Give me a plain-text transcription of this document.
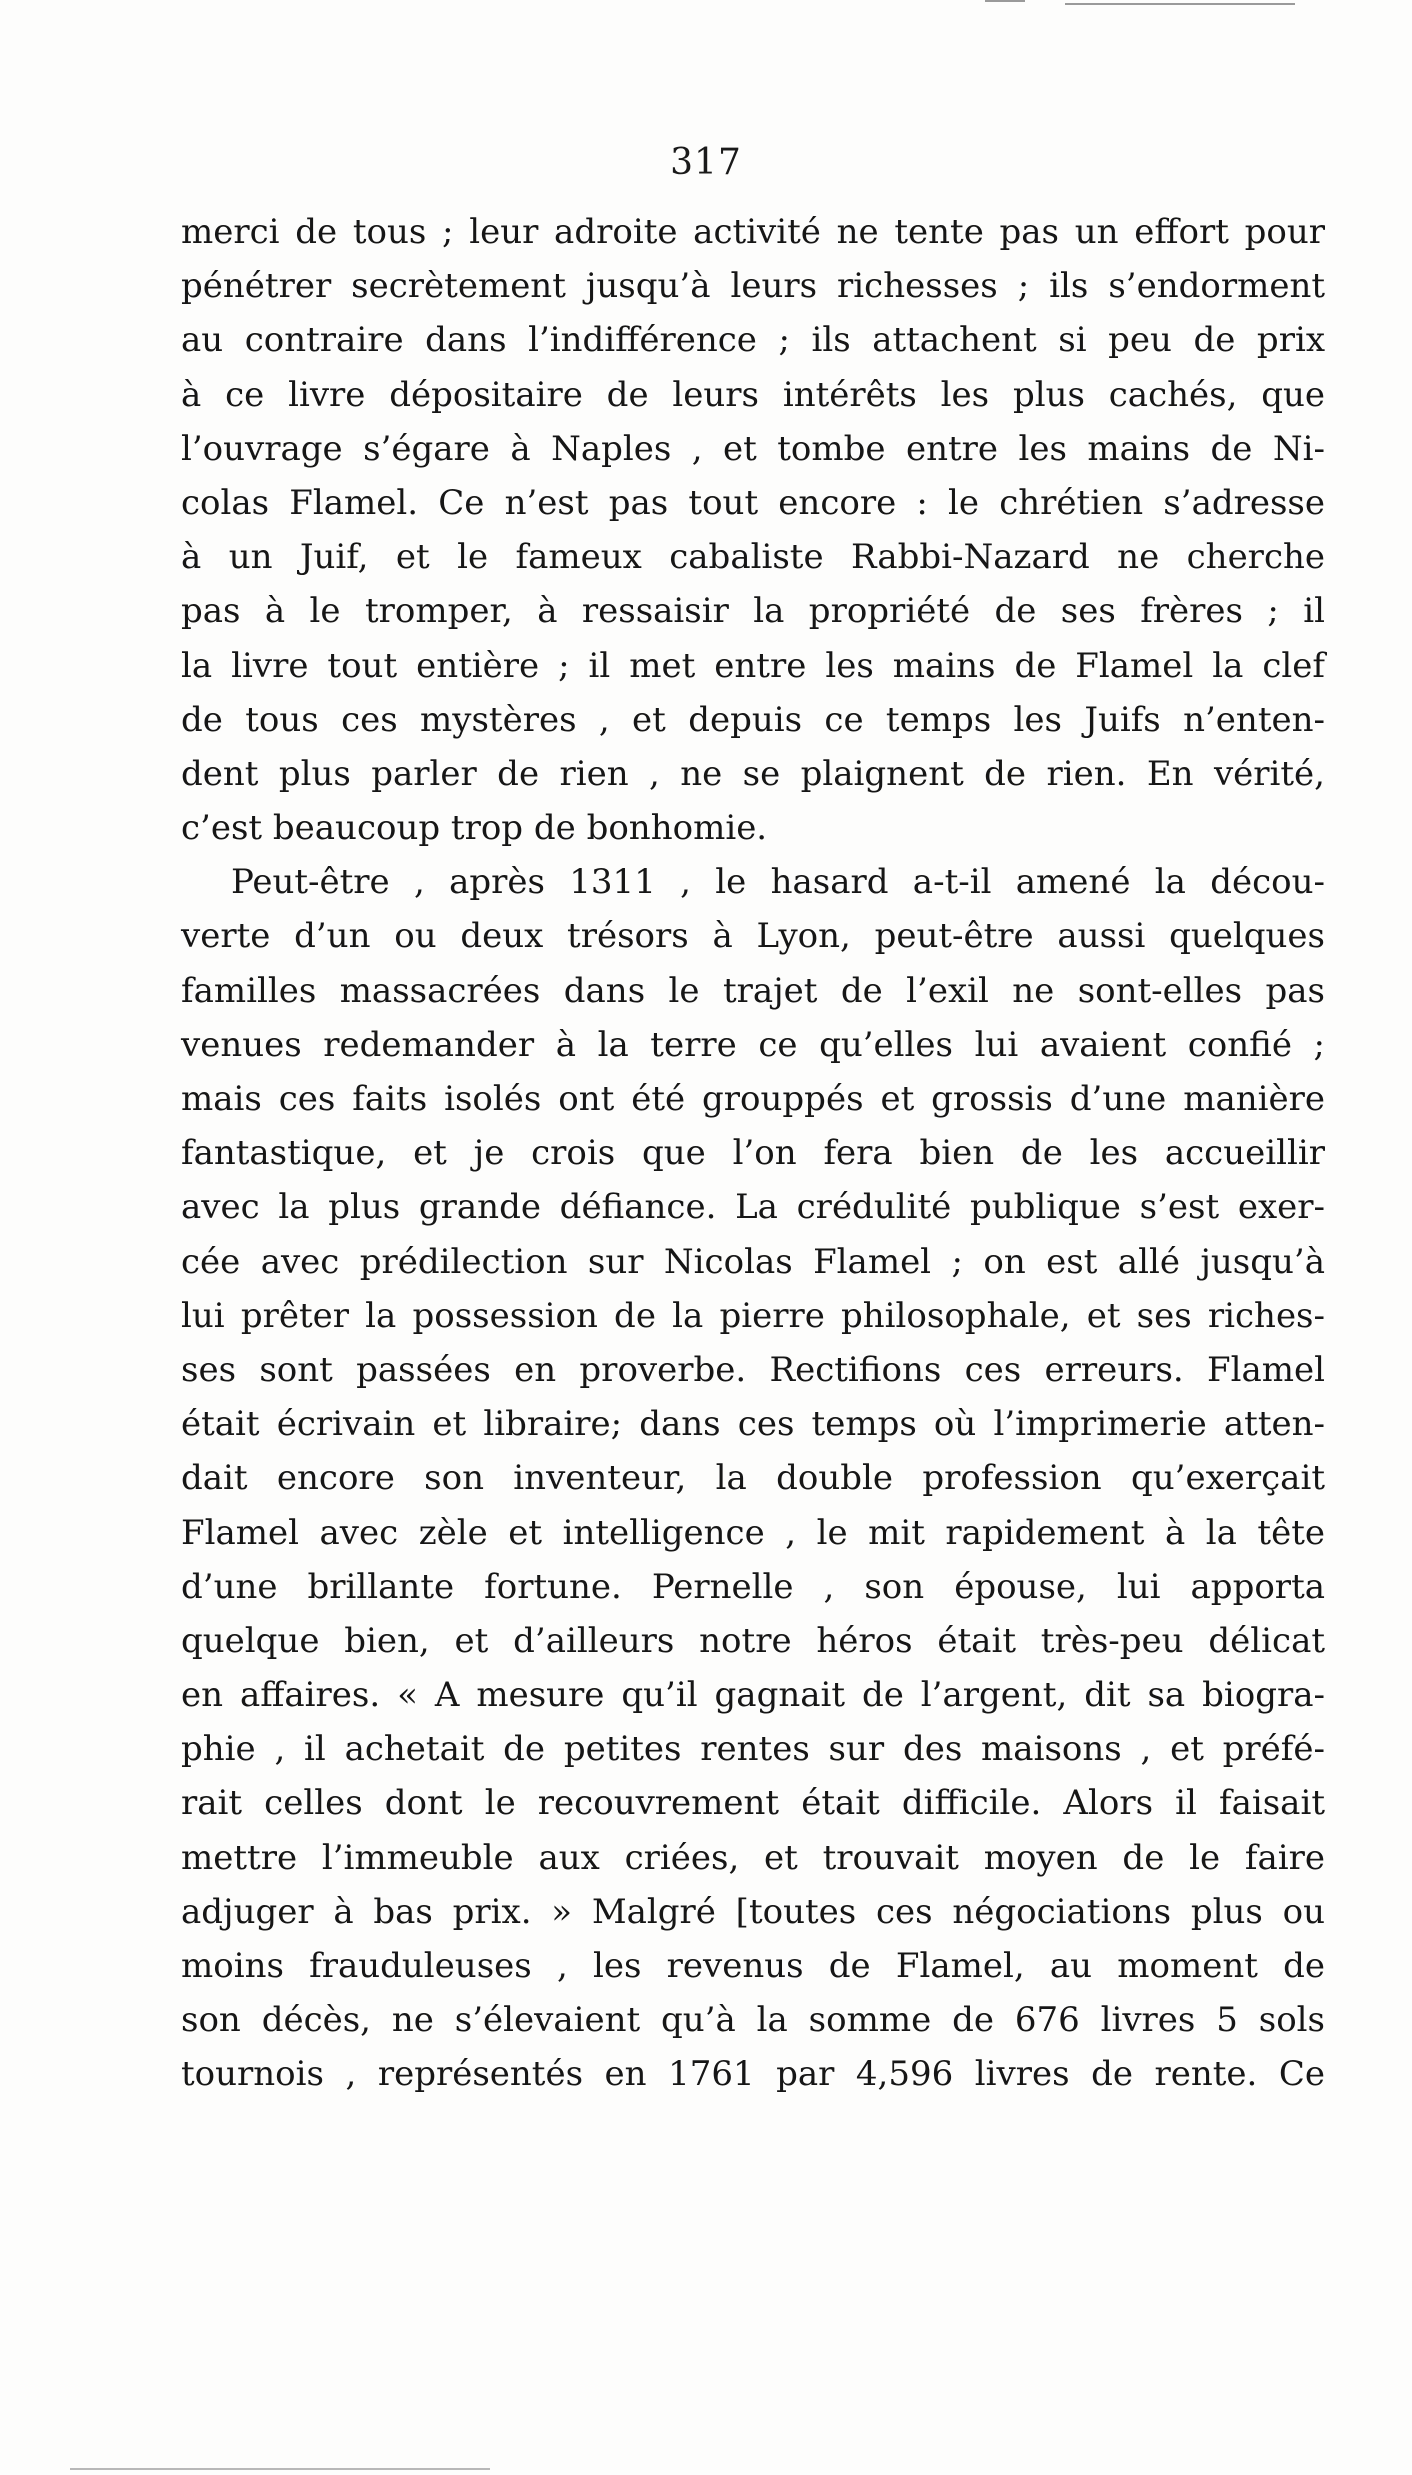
317
merci de tous ; leur adroite activité ne tente pas un effort pour
pénétrer secrètement jusqu’à leurs richesses ; ils s’endorment
au contraire dans l’indifférence ; ils attachent si peu de prix
à ce livre dépositaire de leurs intérêts les plus cachés, que
l’ouvrage s’égare à Naples , et tombe entre les mains de Ni-
colas Flamel. Ce n’est pas tout encore : le chrétien s’adresse
à un Juif, et le fameux cabaliste Rabbi-Nazard ne cherche
pas à le tromper, à ressaisir la propriété de ses frères ; il
la livre tout entière ; il met entre les mains de Flamel la clef
de tous ces mystères , et depuis ce temps les Juifs n’enten-
dent plus parler de rien , ne se plaignent de rien. En vérité,
c’est beaucoup trop de bonhomie.
Peut-être , après 1311 , le hasard a-t-il amené la décou-
verte d’un ou deux trésors à Lyon, peut-être aussi quelques
familles massacrées dans le trajet de l’exil ne sont-elles pas
venues redemander à la terre ce qu’elles lui avaient confié ;
mais ces faits isolés ont été grouppés et grossis d’une manière
fantastique, et je crois que l’on fera bien de les accueillir
avec la plus grande défiance. La crédulité publique s’est exer-
cée avec prédilection sur Nicolas Flamel ; on est allé jusqu’à
lui prêter la possession de la pierre philosophale, et ses riches-
ses sont passées en proverbe. Rectifions ces erreurs. Flamel
était écrivain et libraire; dans ces temps où l’imprimerie atten-
dait encore son inventeur, la double profession qu’exerçait
Flamel avec zèle et intelligence , le mit rapidement à la tête
d’une brillante fortune. Pernelle , son épouse, lui apporta
quelque bien, et d’ailleurs notre héros était très-peu délicat
en affaires. « A mesure qu’il gagnait de l’argent, dit sa biogra-
phie , il achetait de petites rentes sur des maisons , et préfé-
rait celles dont le recouvrement était difficile. Alors il faisait
mettre l’immeuble aux criées, et trouvait moyen de le faire
adjuger à bas prix. » Malgré [toutes ces négociations plus ou
moins frauduleuses , les revenus de Flamel, au moment de
son décès, ne s’élevaient qu’à la somme de 676 livres 5 sols
tournois , représentés en 1761 par 4,596 livres de rente. Ce
